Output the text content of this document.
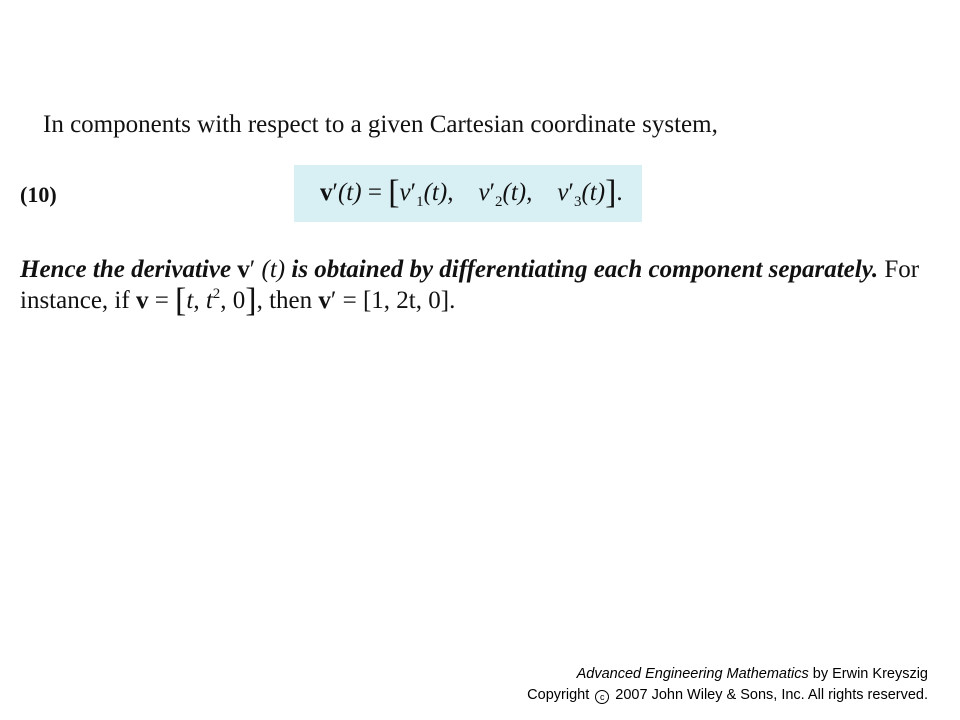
In components with respect to a given Cartesian coordinate system,
(10)	$v'(t) = [v'_1(t)$, $v'_2(t)$, $v'_3(t)$].
Hence the derivative v′ (t) is obtained by differentiating each component separately. For instance, if v = [t, $t^2$, 0], then v′ = [1, 2t, 0].
Advanced Engineering Mathematics by Erwin Kreyszig
Copyright c 2007 John Wiley & Sons, Inc. All rights reserved.
